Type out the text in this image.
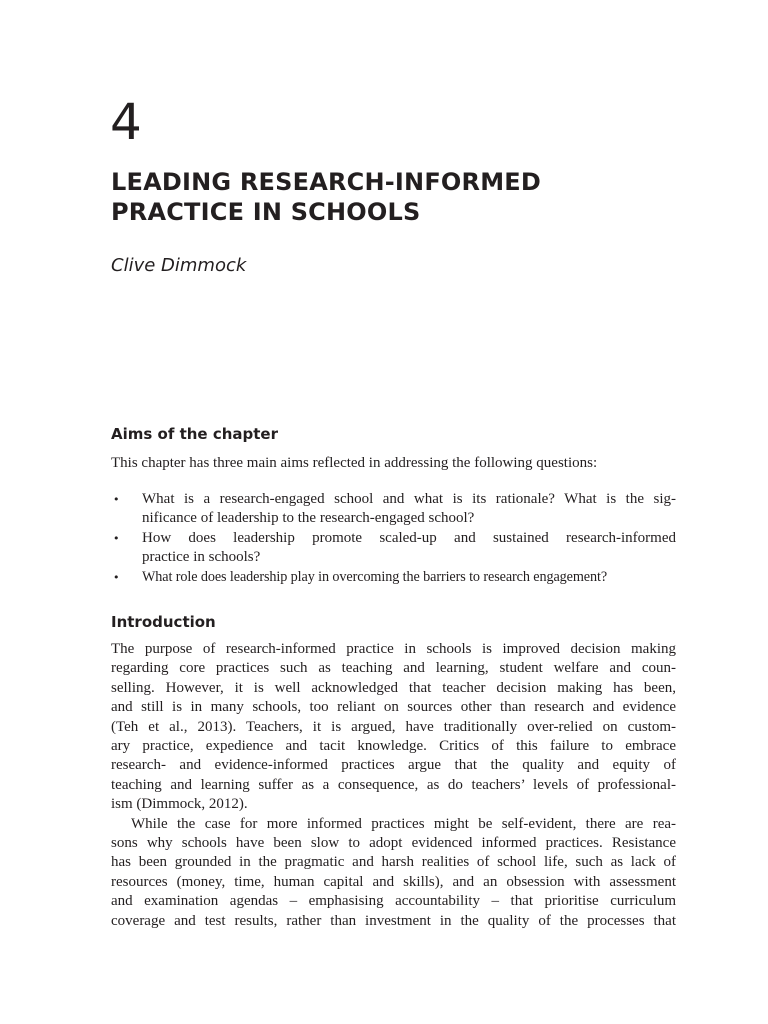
4
LEADING RESEARCH-INFORMED
PRACTICE IN SCHOOLS
Clive Dimmock
Aims of the chapter
This chapter has three main aims reflected in addressing the following questions:
• What is a research-engaged school and what is its rationale? What is the sig-
nificance of leadership to the research-engaged school?
• How does leadership promote scaled-up and sustained research-informed
practice in schools?
• What role does leadership play in overcoming the barriers to research engagement?
Introduction
The purpose of research-informed practice in schools is improved decision making
regarding core practices such as teaching and learning, student welfare and coun-
selling. However, it is well acknowledged that teacher decision making has been,
and still is in many schools, too reliant on sources other than research and evidence
(Teh et al., 2013). Teachers, it is argued, have traditionally over-relied on custom-
ary practice, expedience and tacit knowledge. Critics of this failure to embrace
research- and evidence-informed practices argue that the quality and equity of
teaching and learning suffer as a consequence, as do teachers’ levels of professional-
ism (Dimmock, 2012).
While the case for more informed practices might be self-evident, there are rea-
sons why schools have been slow to adopt evidenced informed practices. Resistance
has been grounded in the pragmatic and harsh realities of school life, such as lack of
resources (money, time, human capital and skills), and an obsession with assessment
and examination agendas – emphasising accountability – that prioritise curriculum
coverage and test results, rather than investment in the quality of the processes that
